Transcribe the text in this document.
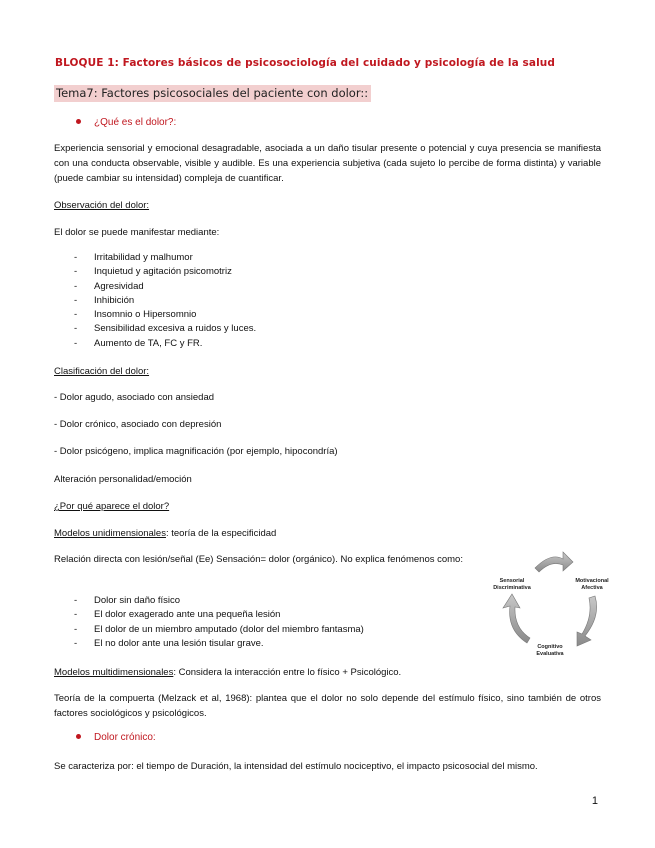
BLOQUE 1: Factores básicos de psicosociología del cuidado y psicología de la salud
Tema7: Factores psicosociales del paciente con dolor::
¿Qué es el dolor?:
Experiencia sensorial y emocional desagradable, asociada a un daño tisular presente o potencial y cuya presencia se manifiesta con una conducta observable, visible y audible. Es una experiencia subjetiva (cada sujeto lo percibe de forma distinta) y variable (puede cambiar su intensidad) compleja de cuantificar.
Observación del dolor:
El dolor se puede manifestar mediante:
- Irritabilidad y malhumor
- Inquietud y agitación psicomotriz
- Agresividad
- Inhibición
- Insomnio o Hipersomnio
- Sensibilidad excesiva a ruidos y luces.
- Aumento de TA, FC y FR.
Clasificación del dolor:
- Dolor agudo, asociado con ansiedad
- Dolor crónico, asociado con depresión
- Dolor psicógeno, implica magnificación (por ejemplo, hipocondría)
Alteración personalidad/emoción
¿Por qué aparece el dolor?
Modelos unidimensionales: teoría de la especificidad
Relación directa con lesión/señal (Ee) Sensación= dolor (orgánico). No explica fenómenos como:
- Dolor sin daño físico
- El dolor exagerado ante una pequeña lesión
- El dolor de un miembro amputado (dolor del miembro fantasma)
- El no dolor ante una lesión tisular grave.
Sensorial
Discriminativa
Motivacional
Afectiva
Cognitivo
Evaluativa
Modelos multidimensionales: Considera la interacción entre lo físico + Psicológico.
Teoría de la compuerta (Melzack et al, 1968): plantea que el dolor no solo depende del estímulo físico, sino también de otros factores sociológicos y psicológicos.
Dolor crónico:
Se caracteriza por: el tiempo de Duración, la intensidad del estímulo nociceptivo, el impacto psicosocial del mismo.
1
